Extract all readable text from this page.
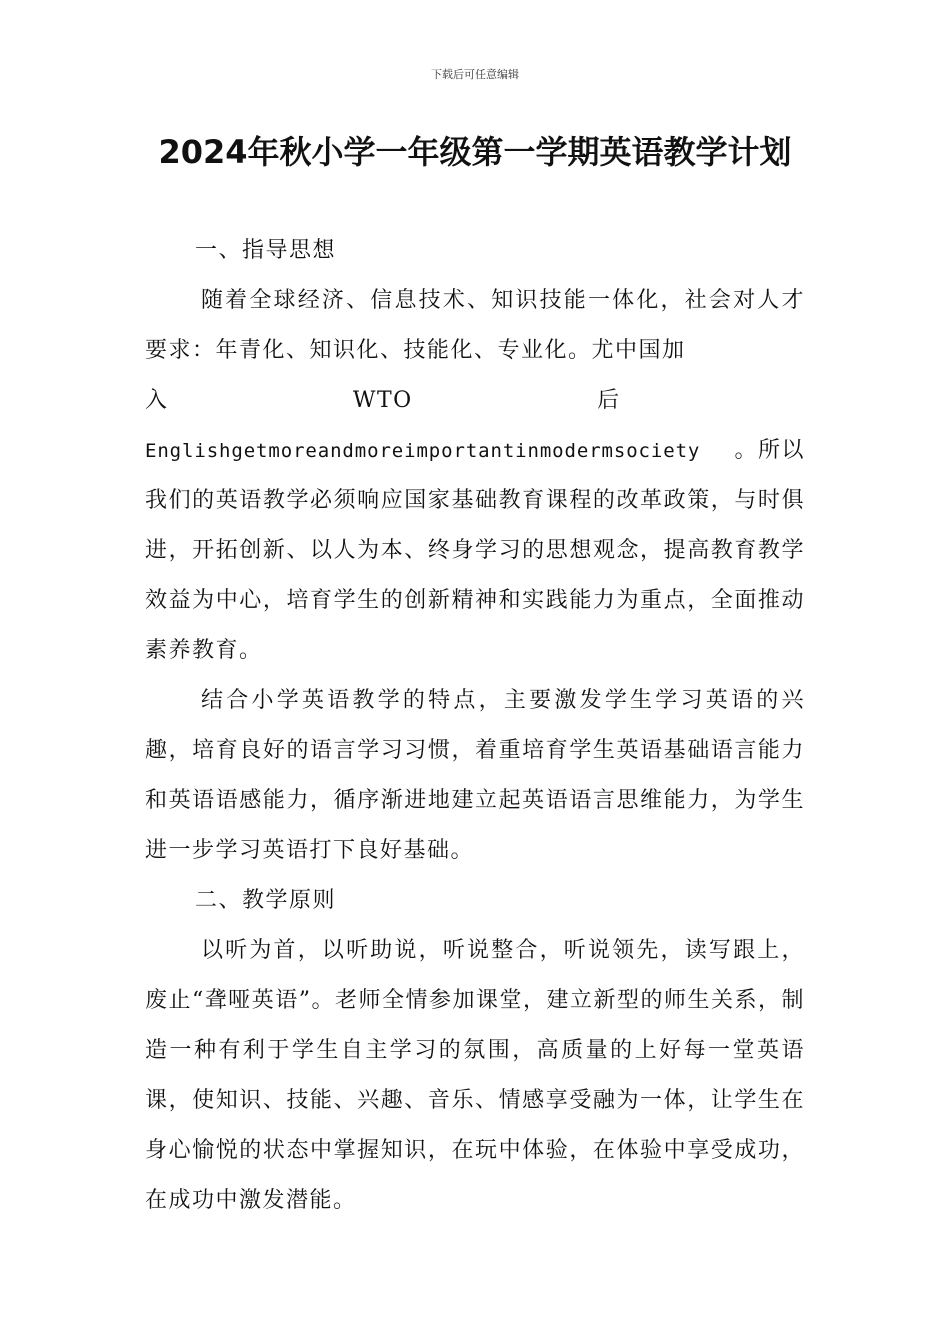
下载后可任意编辑
2024年秋小学一年级第一学期英语教学计划

一、指导思想

随着全球经济、信息技术、知识技能一体化，社会对人才要求：年青化、知识化、技能化、专业化。尤中国加

入	WTO	后

Englishgetmoreandmoreimportantinmodermsociety 。所以

我们的英语教学必须响应国家基础教育课程的改革政策，与时俱进，开拓创新、以人为本、终身学习的思想观念，提高教育教学效益为中心，培育学生的创新精神和实践能力为重点，全面推动素养教育。

结合小学英语教学的特点，主要激发学生学习英语的兴趣，培育良好的语言学习习惯，着重培育学生英语基础语言能力和英语语感能力，循序渐进地建立起英语语言思维能力，为学生进一步学习英语打下良好基础。

二、教学原则

以听为首，以听助说，听说整合，听说领先，读写跟上，废止“聋哑英语”。老师全情参加课堂，建立新型的师生关系，制造一种有利于学生自主学习的氛围，高质量的上好每一堂英语课，使知识、技能、兴趣、音乐、情感享受融为一体，让学生在身心愉悦的状态中掌握知识，在玩中体验，在体验中享受成功，在成功中激发潜能。
